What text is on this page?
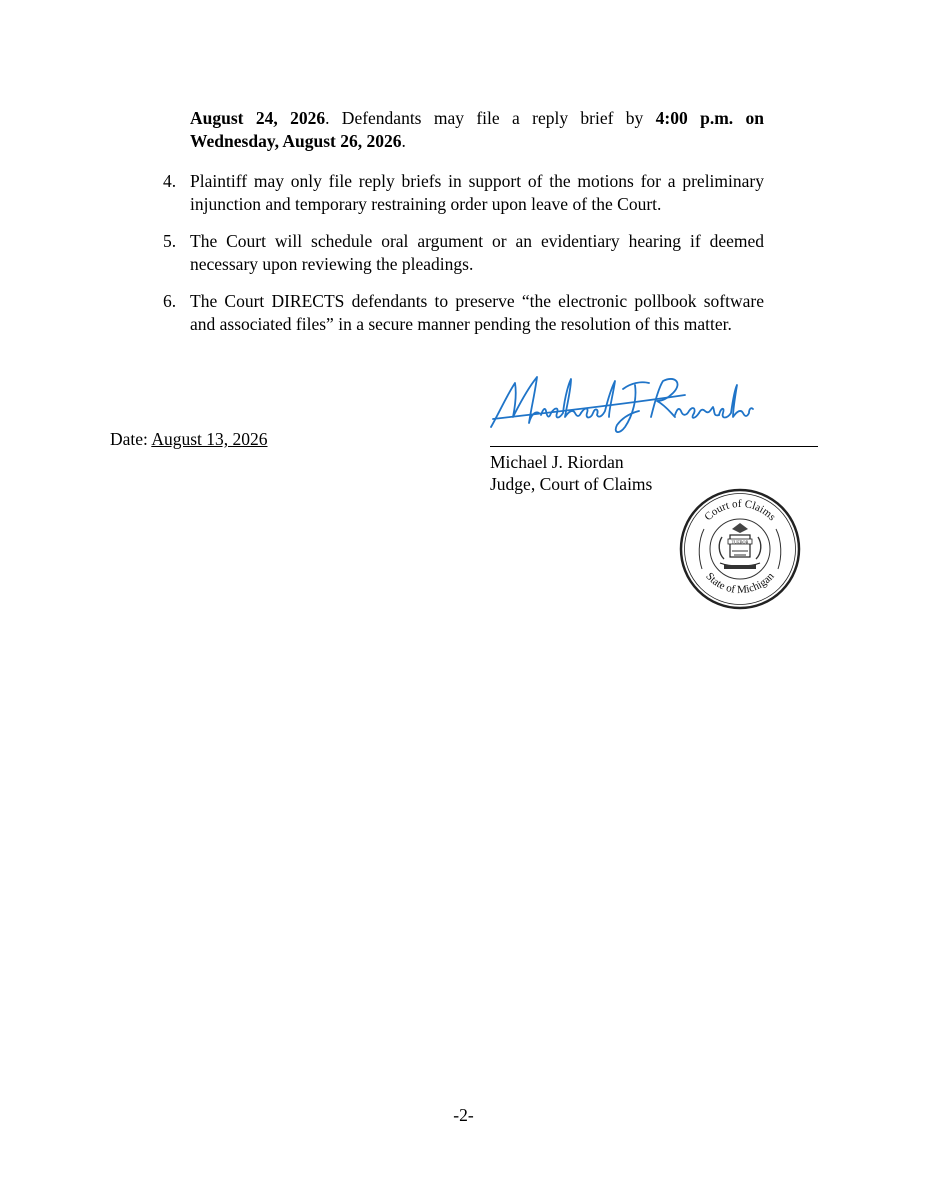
August 24, 2026. Defendants may file a reply brief by 4:00 p.m. on
Wednesday, August 26, 2026.
4. Plaintiff may only file reply briefs in support of the motions for a preliminary
injunction and temporary restraining order upon leave of the Court.
5. The Court will schedule oral argument or an evidentiary hearing if deemed
necessary upon reviewing the pleadings.
6. The Court DIRECTS defendants to preserve “the electronic pollbook software
and associated files” in a secure manner pending the resolution of this matter.
Date: August 13, 2026
Michael J. Riordan
Judge, Court of Claims
Court of Claims
State of Michigan
TUEBOR
-2-
